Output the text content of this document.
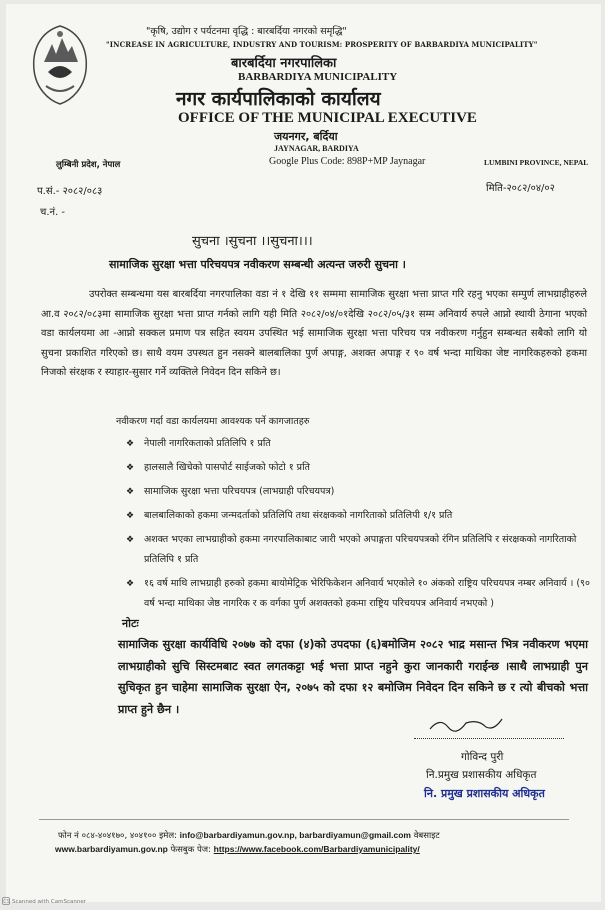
"कृषि, उद्योग र पर्यटनमा वृद्धि : बारबर्दिया नगरको समृद्धि"
"INCREASE IN AGRICULTURE, INDUSTRY AND TOURISM: PROSPERITY OF BARBARDIYA MUNICIPALITY"
बारबर्दिया नगरपालिका
BARBARDIYA MUNICIPALITY
नगर कार्यपालिकाको कार्यालय
OFFICE OF THE MUNICIPAL EXECUTIVE
जयनगर, बर्दिया
JAYNAGAR, BARDIYA
लुम्बिनी प्रदेश, नेपाल	Google Plus Code: 898P+MP Jaynagar	LUMBINI PROVINCE, NEPAL
प.सं.- २०८२/०८३	मिति-२०८२/०४/०२
च.नं. -
सुचना ।सुचना ।।सुचना।।।
सामाजिक सुरक्षा भत्ता परिचयपत्र नवीकरण सम्बन्धी अत्यन्त जरुरी सुचना ।

उपरोक्त सम्बन्धमा यस बारबर्दिया नगरपालिका वडा नं १ देखि ११ सम्ममा सामाजिक सुरक्षा भत्ता प्राप्त गरि रहनु भएका सम्पुर्ण लाभग्राहीहरुले आ.व २०८२/०८३मा सामाजिक सुरक्षा भत्ता प्राप्त गर्नको लागि यही मिति २०८२/०४/०१देखि २०८२/०५/३१ सम्म अनिवार्य रुपले आप्नो स्थायी ठेगाना भएको वडा कार्यलयमा आ -आप्नो सक्कल प्रमाण पत्र सहित स्वयम उपस्थित भई सामाजिक सुरक्षा भत्ता परिचय पत्र नवीकरण गर्नुहुन सम्बन्धत सबैको लागि यो सुचना प्रकाशित गरिएको छ। साथै वयम उपस्थत हुन नसक्ने बालबालिका पुर्ण अपाङ्ग, अशक्त अपाङ्ग र ९० वर्ष भन्दा माथिका जेष्ट नागरिकहरुको हकमा निजको संरक्षक र स्याहार-सुसार गर्ने व्यक्तिले निवेदन दिन सकिने छ।

नवीकरण गर्दा वडा कार्यलयमा आवश्यक पर्ने कागजातहरु
❖ नेपाली नागरिकताको प्रतिलिपि १ प्रति
❖ हालसालै खिचेको पासपोर्ट साईजको फोटो १ प्रति
❖ सामाजिक सुरक्षा भत्ता परिचयपत्र (लाभग्राही परिचयपत्र)
❖ बालबालिकाको हकमा जन्मदर्ताको प्रतिलिपि तथा संरक्षकको नागरिताको प्रतिलिपी १/१ प्रति
❖ अशक्त भएका लाभग्राहीको हकमा नगरपालिकाबाट जारी भएको अपाङ्गता परिचयपत्रको रंगिन प्रतिलिपि र संरक्षकको नागरिताको प्रतिलिपि १ प्रति
❖ १६ वर्ष माथि लाभग्राही हरुको हकमा बायोमेट्रिक भेरिफिकेशन अनिवार्य भएकोले १० अंकको राष्ट्रिय परिचयपत्र नम्बर अनिवार्य । (९० वर्ष भन्दा माथिका जेष्ठ नागरिक र क वर्गका पुर्ण अशक्तको हकमा राष्ट्रिय परिचयपत्र अनिवार्य नभएको )
नोटः
सामाजिक सुरक्षा कार्यविधि २०७७ को दफा (४)को उपदफा (६)बमोजिम २०८२ भाद्र मसान्त भित्र नवीकरण भएमा लाभग्राहीको सुचि सिस्टमबाट स्वत लगतकट्टा भई भत्ता प्राप्त नहुने कुरा जानकारी गराईन्छ ।साथै लाभग्राही पुन सुचिकृत हुन चाहेमा सामाजिक सुरक्षा ऐन, २०७५ को दफा १२ बमोजिम निवेदन दिन सकिने छ र त्यो बीचको भत्ता प्राप्त हुने छैन ।
गोविन्द पुरी
नि.प्रमुख प्रशासकीय अधिकृत
नि. प्रमुख प्रशासकीय अधिकृत
फोन नं ०८४-४०४१७०, ४०४१०० इमेल: info@barbardiyamun.gov.np, barbardiyamun@gmail.com वेबसाइट
www.barbardiyamun.gov.np फेसबुक पेज: https://www.facebook.com/Barbardiyamunicipality/
CS Scanned with CamScanner
